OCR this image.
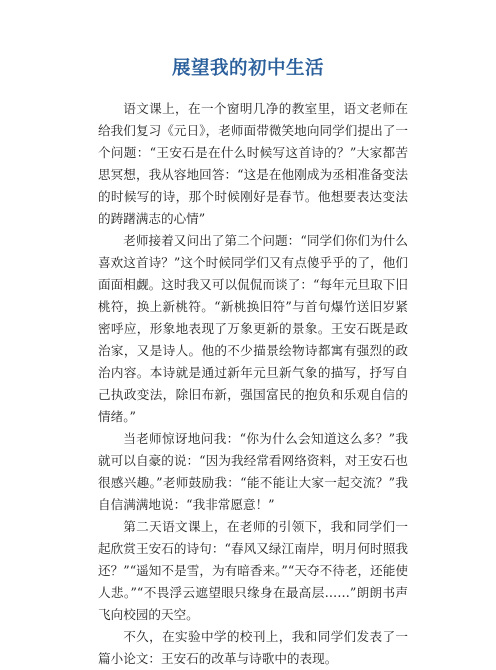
展望我的初中生活

语文课上，在一个窗明几净的教室里，语文老师在给我们复习《元日》，老师面带微笑地向同学们提出了一个问题：“王安石是在什么时候写这首诗的？”大家都苦思冥想，我从容地回答：“这是在他刚成为丞相准备变法的时候写的诗，那个时候刚好是春节。他想要表达变法的踌躇满志的心情”

老师接着又问出了第二个问题：“同学们你们为什么喜欢这首诗？”这个时候同学们又有点傻乎乎的了，他们面面相觑。这时我又可以侃侃而谈了：“每年元旦取下旧桃符，换上新桃符。“新桃换旧符”与首句爆竹送旧岁紧密呼应，形象地表现了万象更新的景象。王安石既是政治家，又是诗人。他的不少描景绘物诗都寓有强烈的政治内容。本诗就是通过新年元旦新气象的描写，抒写自己执政变法，除旧布新，强国富民的抱负和乐观自信的情绪。”

当老师惊讶地问我：“你为什么会知道这么多？”我就可以自豪的说：“因为我经常看网络资料，对王安石也很感兴趣。”老师鼓励我：“能不能让大家一起交流？”我自信满满地说：“我非常愿意！”

第二天语文课上，在老师的引领下，我和同学们一起欣赏王安石的诗句：“春风又绿江南岸，明月何时照我还？”“遥知不是雪，为有暗香来。”“天夺不待老，还能使人悲。”“不畏浮云遮望眼只缘身在最高层……”朗朗书声飞向校园的天空。

不久，在实验中学的校刊上，我和同学们发表了一篇小论文：王安石的改革与诗歌中的表现。
